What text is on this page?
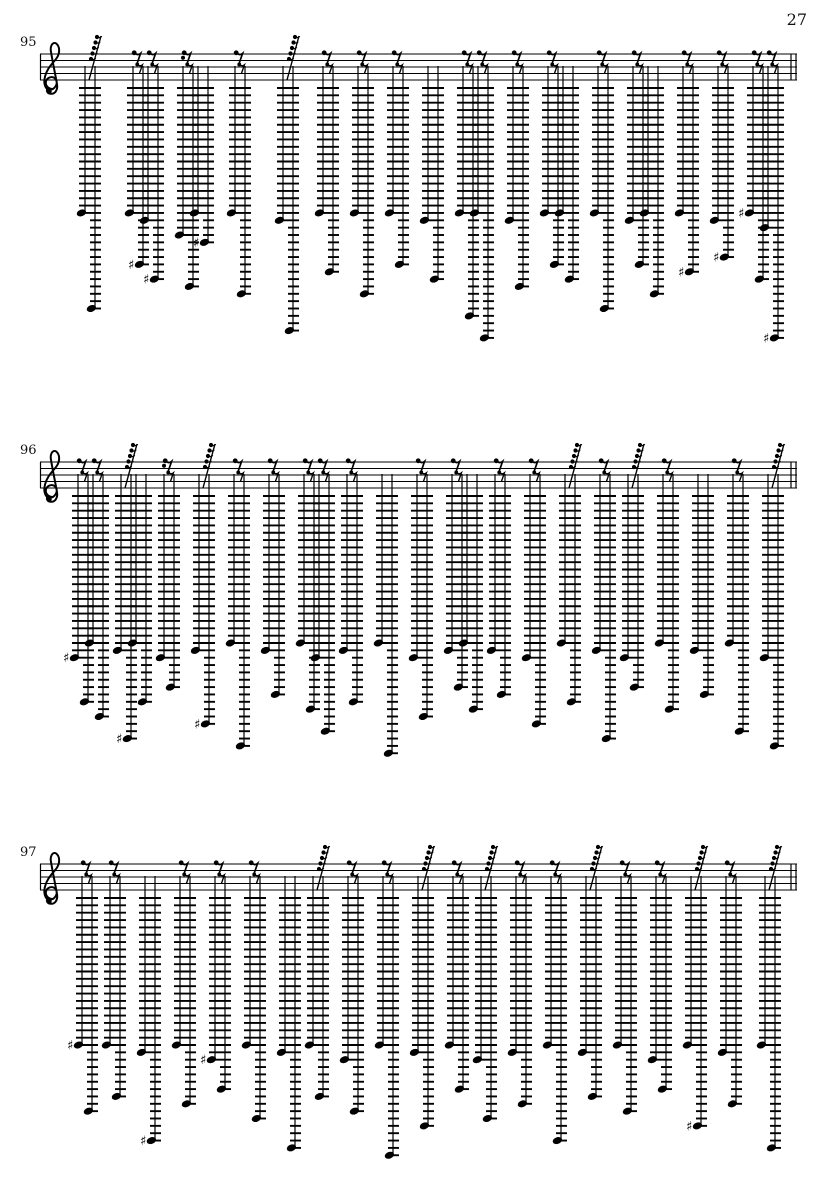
27
95
♯
♯
♯
♯
♯
♯
♯
96
♯
♯
♯
97
♯
♯
♯
♯
